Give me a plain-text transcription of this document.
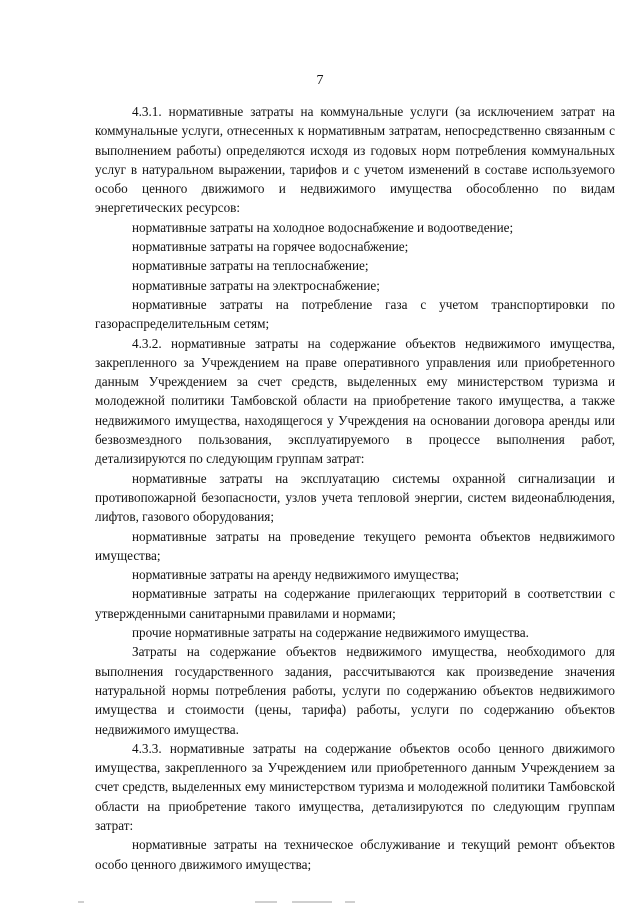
7

4.3.1. нормативные затраты на коммунальные услуги (за исключением затрат на коммунальные услуги, отнесенных к нормативным затратам, непосредственно связанным с выполнением работы) определяются исходя из годовых норм потребления коммунальных услуг в натуральном выражении, тарифов и с учетом изменений в составе используемого особо ценного движимого и недвижимого имущества обособленно по видам энергетических ресурсов:

нормативные затраты на холодное водоснабжение и водоотведение;

нормативные затраты на горячее водоснабжение;

нормативные затраты на теплоснабжение;

нормативные затраты на электроснабжение;

нормативные затраты на потребление газа с учетом транспортировки по газораспределительным сетям;

4.3.2. нормативные затраты на содержание объектов недвижимого имущества, закрепленного за Учреждением на праве оперативного управления или приобретенного данным Учреждением за счет средств, выделенных ему министерством туризма и молодежной политики Тамбовской области на приобретение такого имущества, а также недвижимого имущества, находящегося у Учреждения на основании договора аренды или безвозмездного пользования, эксплуатируемого в процессе выполнения работ, детализируются по следующим группам затрат:

нормативные затраты на эксплуатацию системы охранной сигнализации и противопожарной безопасности, узлов учета тепловой энергии, систем видеонаблюдения, лифтов, газового оборудования;

нормативные затраты на проведение текущего ремонта объектов недвижимого имущества;

нормативные затраты на аренду недвижимого имущества;

нормативные затраты на содержание прилегающих территорий в соответствии с утвержденными санитарными правилами и нормами;

прочие нормативные затраты на содержание недвижимого имущества.

Затраты на содержание объектов недвижимого имущества, необходимого для выполнения государственного задания, рассчитываются как произведение значения натуральной нормы потребления работы, услуги по содержанию объектов недвижимого имущества и стоимости (цены, тарифа) работы, услуги по содержанию объектов недвижимого имущества.

4.3.3. нормативные затраты на содержание объектов особо ценного движимого имущества, закрепленного за Учреждением или приобретенного данным Учреждением за счет средств, выделенных ему министерством туризма и молодежной политики Тамбовской области на приобретение такого имущества, детализируются по следующим группам затрат:

нормативные затраты на техническое обслуживание и текущий ремонт объектов особо ценного движимого имущества;
